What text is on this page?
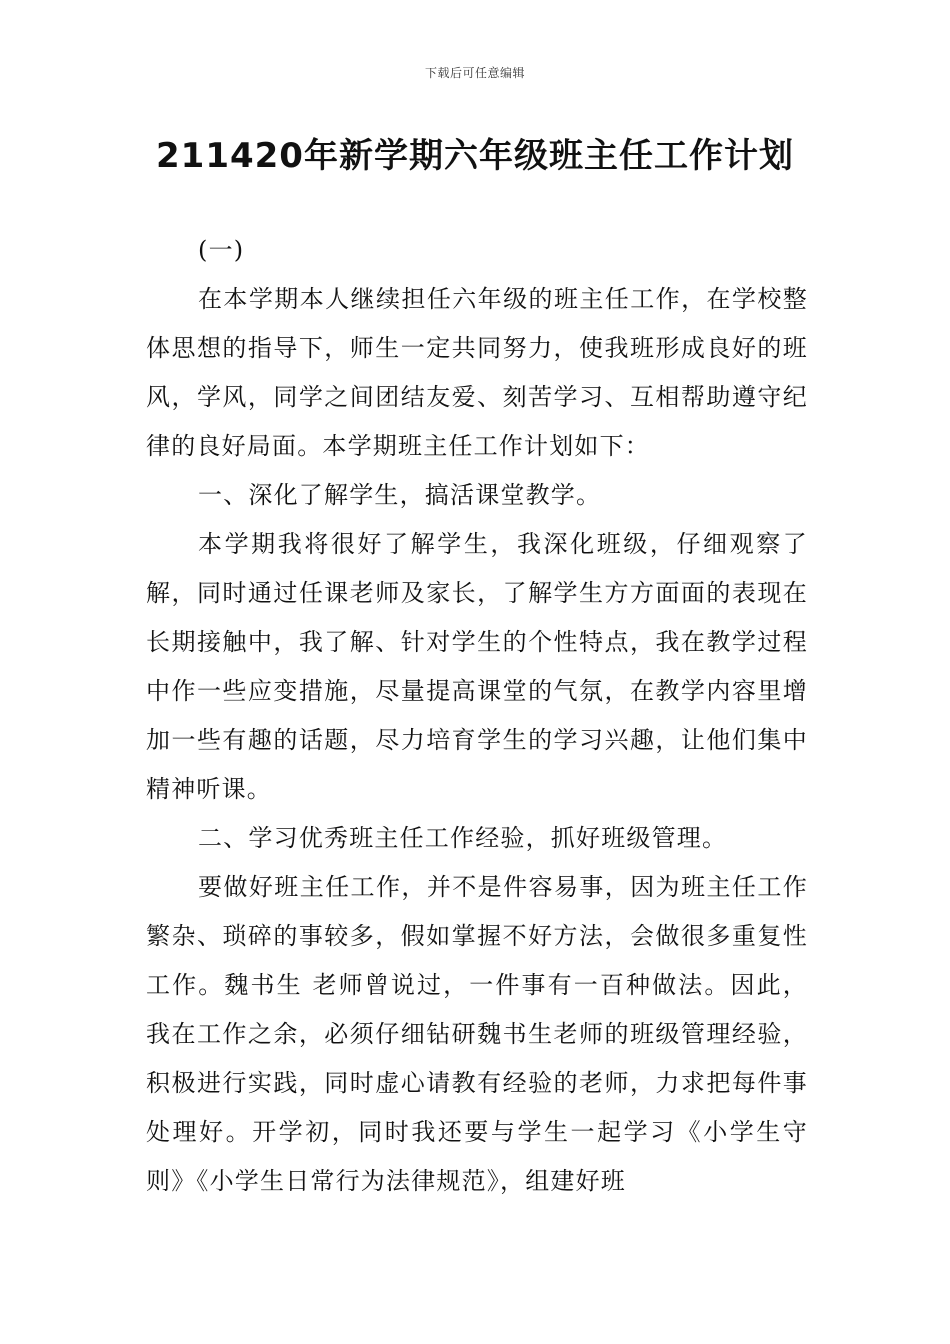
下载后可任意编辑
211420年新学期六年级班主任工作计划

(一)

在本学期本人继续担任六年级的班主任工作，在学校整体思想的指导下，师生一定共同努力，使我班形成良好的班风，学风，同学之间团结友爱、刻苦学习、互相帮助遵守纪律的良好局面。本学期班主任工作计划如下：

一、深化了解学生，搞活课堂教学。

本学期我将很好了解学生，我深化班级，仔细观察了解，同时通过任课老师及家长，了解学生方方面面的表现在长期接触中，我了解、针对学生的个性特点，我在教学过程中作一些应变措施，尽量提高课堂的气氛，在教学内容里增加一些有趣的话题，尽力培育学生的学习兴趣，让他们集中精神听课。

二、学习优秀班主任工作经验，抓好班级管理。

要做好班主任工作，并不是件容易事，因为班主任工作繁杂、琐碎的事较多，假如掌握不好方法，会做很多重复性工作。魏书生 老师曾说过，一件事有一百种做法。因此，我在工作之余，必须仔细钻研魏书生老师的班级管理经验，积极进行实践，同时虚心请教有经验的老师，力求把每件事处理好。开学初，同时我还要与学生一起学习《小学生守则》《小学生日常行为法律规范》，组建好班
